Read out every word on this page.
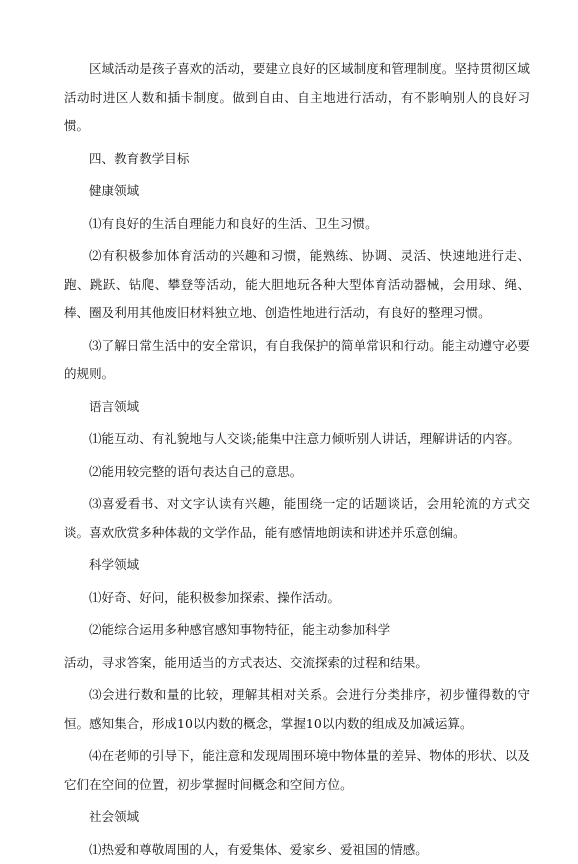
区域活动是孩子喜欢的活动，要建立良好的区域制度和管理制度。坚持贯彻区域活动时进区人数和插卡制度。做到自由、自主地进行活动，有不影响别人的良好习惯。

四、教育教学目标

健康领域

⑴有良好的生活自理能力和良好的生活、卫生习惯。

⑵有积极参加体育活动的兴趣和习惯，能熟练、协调、灵活、快速地进行走、跑、跳跃、钻爬、攀登等活动，能大胆地玩各种大型体育活动器械，会用球、绳、棒、圈及利用其他废旧材料独立地、创造性地进行活动，有良好的整理习惯。

⑶了解日常生活中的安全常识，有自我保护的简单常识和行动。能主动遵守必要的规则。

语言领域

⑴能互动、有礼貌地与人交谈;能集中注意力倾听别人讲话，理解讲话的内容。

⑵能用较完整的语句表达自己的意思。

⑶喜爱看书、对文字认读有兴趣，能围绕一定的话题谈话，会用轮流的方式交谈。喜欢欣赏多种体裁的文学作品，能有感情地朗读和讲述并乐意创编。

科学领域

⑴好奇、好问，能积极参加探索、操作活动。

⑵能综合运用多种感官感知事物特征，能主动参加科学

活动，寻求答案，能用适当的方式表达、交流探索的过程和结果。

⑶会进行数和量的比较，理解其相对关系。会进行分类排序，初步懂得数的守恒。感知集合，形成10以内数的概念，掌握10以内数的组成及加减运算。

⑷在老师的引导下，能注意和发现周围环境中物体量的差异、物体的形状、以及它们在空间的位置，初步掌握时间概念和空间方位。

社会领域

⑴热爱和尊敬周围的人，有爱集体、爱家乡、爱祖国的情感。
